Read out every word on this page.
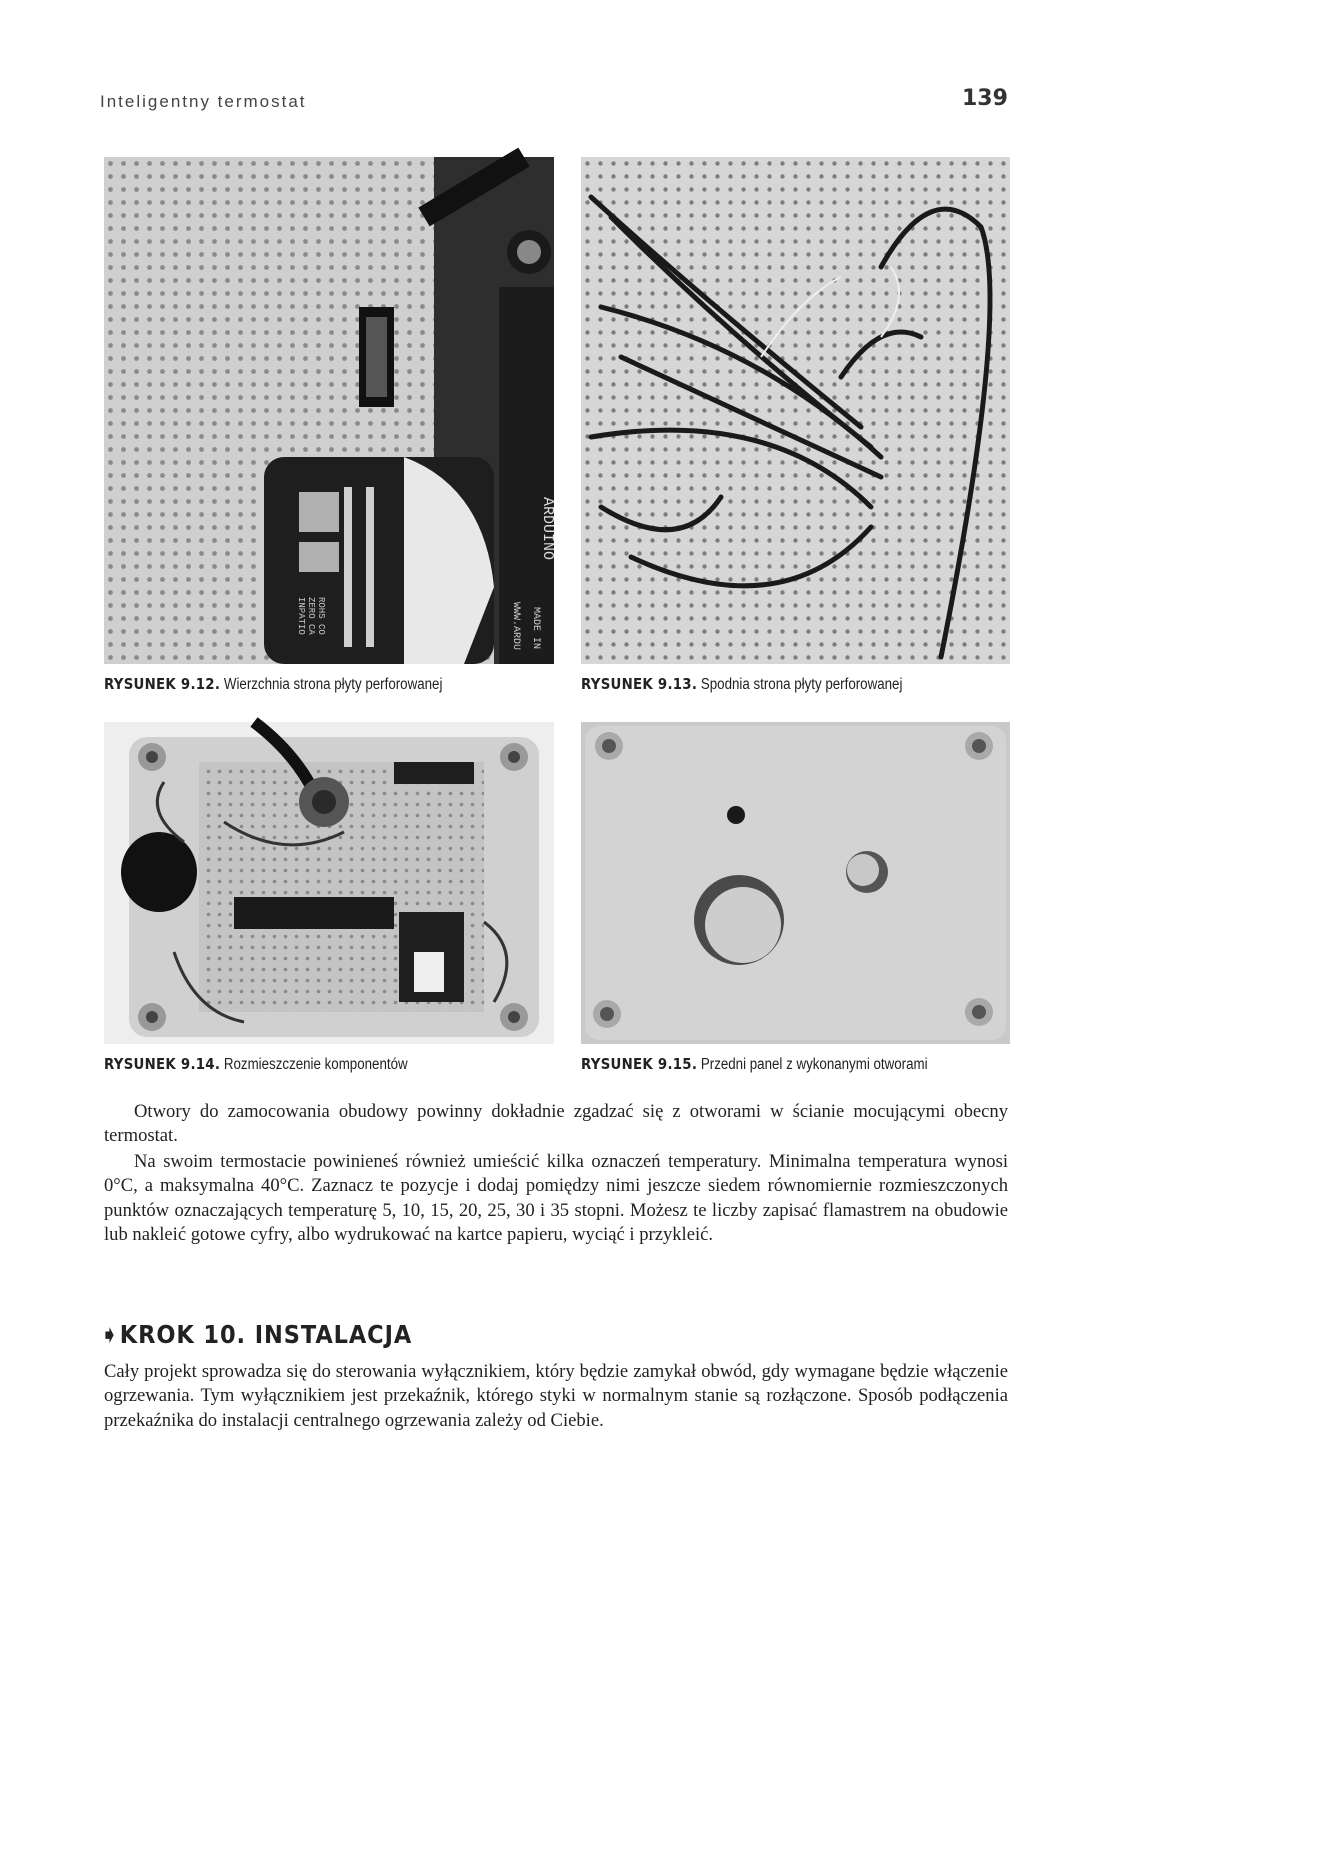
Inteligentny termostat	139
ARDUINO
MADE IN
WWW.ARDU
ROHS CO
ZERO CA
INPATIO
RYSUNEK 9.12. Wierzchnia strona płyty perforowanej	RYSUNEK 9.13. Spodnia strona płyty perforowanej
RYSUNEK 9.14. Rozmieszczenie komponentów	RYSUNEK 9.15. Przedni panel z wykonanymi otworami

Otwory do zamocowania obudowy powinny dokładnie zgadzać się z otworami w ścianie mocującymi obecny termostat.

Na swoim termostacie powinieneś również umieścić kilka oznaczeń temperatury. Minimalna temperatura wynosi 0°C, a maksymalna 40°C. Zaznacz te pozycje i dodaj pomiędzy nimi jeszcze siedem równomiernie rozmieszczonych punktów oznaczających temperaturę 5, 10, 15, 20, 25, 30 i 35 stopni. Możesz te liczby zapisać flamastrem na obudowie lub nakleić gotowe cyfry, albo wydrukować na kartce papieru, wyciąć i przykleić.

➧KROK 10. INSTALACJA

Cały projekt sprowadza się do sterowania wyłącznikiem, który będzie zamykał obwód, gdy wymagane będzie włączenie ogrzewania. Tym wyłącznikiem jest przekaźnik, którego styki w normalnym stanie są rozłączone. Sposób podłączenia przekaźnika do instalacji centralnego ogrzewania zależy od Ciebie.
